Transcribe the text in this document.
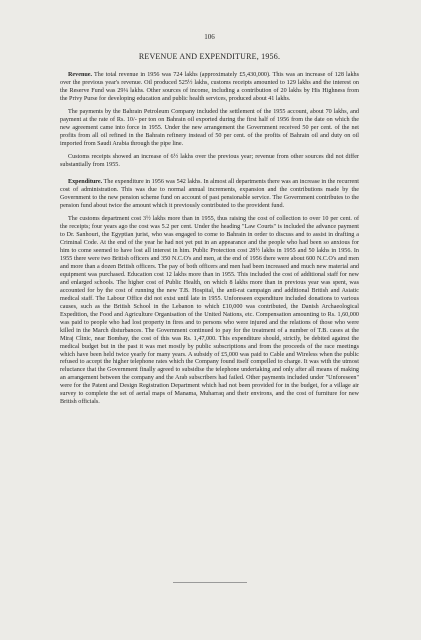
106
REVENUE AND EXPENDITURE, 1956.

Revenue. The total revenue in 1956 was 724 lakhs (approximately £5,430,000). This was an increase of 128 lakhs over the previous year's revenue. Oil produced 525½ lakhs, customs receipts amounted to 129 lakhs and the interest on the Reserve Fund was 29¼ lakhs. Other sources of income, including a contribution of 20 lakhs by His Highness from the Privy Purse for developing education and public health services, produced about 41 lakhs.

The payments by the Bahrain Petroleum Company included the settlement of the 1955 account, about 70 lakhs, and payment at the rate of Rs. 10/- per ton on Bahrain oil exported during the first half of 1956 from the date on which the new agreement came into force in 1955. Under the new arrangement the Government received 50 per cent. of the net profits from all oil refined in the Bahrain refinery instead of 50 per cent. of the profits of Bahrain oil and duty on oil imported from Saudi Arabia through the pipe line.

Customs receipts showed an increase of 6½ lakhs over the previous year; revenue from other sources did not differ substantially from 1955.

Expenditure. The expenditure in 1956 was 542 lakhs. In almost all departments there was an increase in the recurrent cost of administration. This was due to normal annual increments, expansion and the contributions made by the Government to the new pension scheme fund on account of past pensionable service. The Government contributes to the pension fund about twice the amount which it previously contributed to the provident fund.

The customs department cost 3½ lakhs more than in 1955, thus raising the cost of collection to over 10 per cent. of the receipts; four years ago the cost was 5.2 per cent. Under the heading "Law Courts" is included the advance payment to Dr. Sanhouri, the Egyptian jurist, who was engaged to come to Bahrain in order to discuss and to assist in drafting a Criminal Code. At the end of the year he had not yet put in an appearance and the people who had been so anxious for him to come seemed to have lost all interest in him. Public Protection cost 28½ lakhs in 1955 and 50 lakhs in 1956. In 1955 there were two British officers and 350 N.C.O's and men, at the end of 1956 there were about 600 N.C.O's and men and more than a dozen British officers. The pay of both officers and men had been increased and much new material and equipment was purchased. Education cost 12 lakhs more than in 1955. This included the cost of additional staff for new and enlarged schools. The higher cost of Public Health, on which 8 lakhs more than in previous year was spent, was accounted for by the cost of running the new T.B. Hospital, the anti-rat campaign and additional British and Asiatic medical staff. The Labour Office did not exist until late in 1955. Unforeseen expenditure included donations to various causes, such as the British School in the Lebanon to which £10,000 was contributed, the Danish Archaeological Expedition, the Food and Agriculture Organisation of the United Nations, etc. Compensation amounting to Rs. 1,60,000 was paid to people who had lost property in fires and to persons who were injured and the relations of those who were killed in the March disturbances. The Government continued to pay for the treatment of a number of T.B. cases at the Miraj Clinic, near Bombay, the cost of this was Rs. 1,47,000. This expenditure should, strictly, be debited against the medical budget but in the past it was met mostly by public subscriptions and from the proceeds of the race meetings which have been held twice yearly for many years. A subsidy of £5,000 was paid to Cable and Wireless when the public refused to accept the higher telephone rates which the Company found itself compelled to charge. It was with the utmost reluctance that the Government finally agreed to subsidise the telephone undertaking and only after all means of making an arrangement between the company and the Arab subscribers had failed. Other payments included under "Unforeseen" were for the Patent and Design Registration Department which had not been provided for in the budget, for a village air survey to complete the set of aerial maps of Manama, Muharraq and their environs, and the cost of furniture for new British officials.
